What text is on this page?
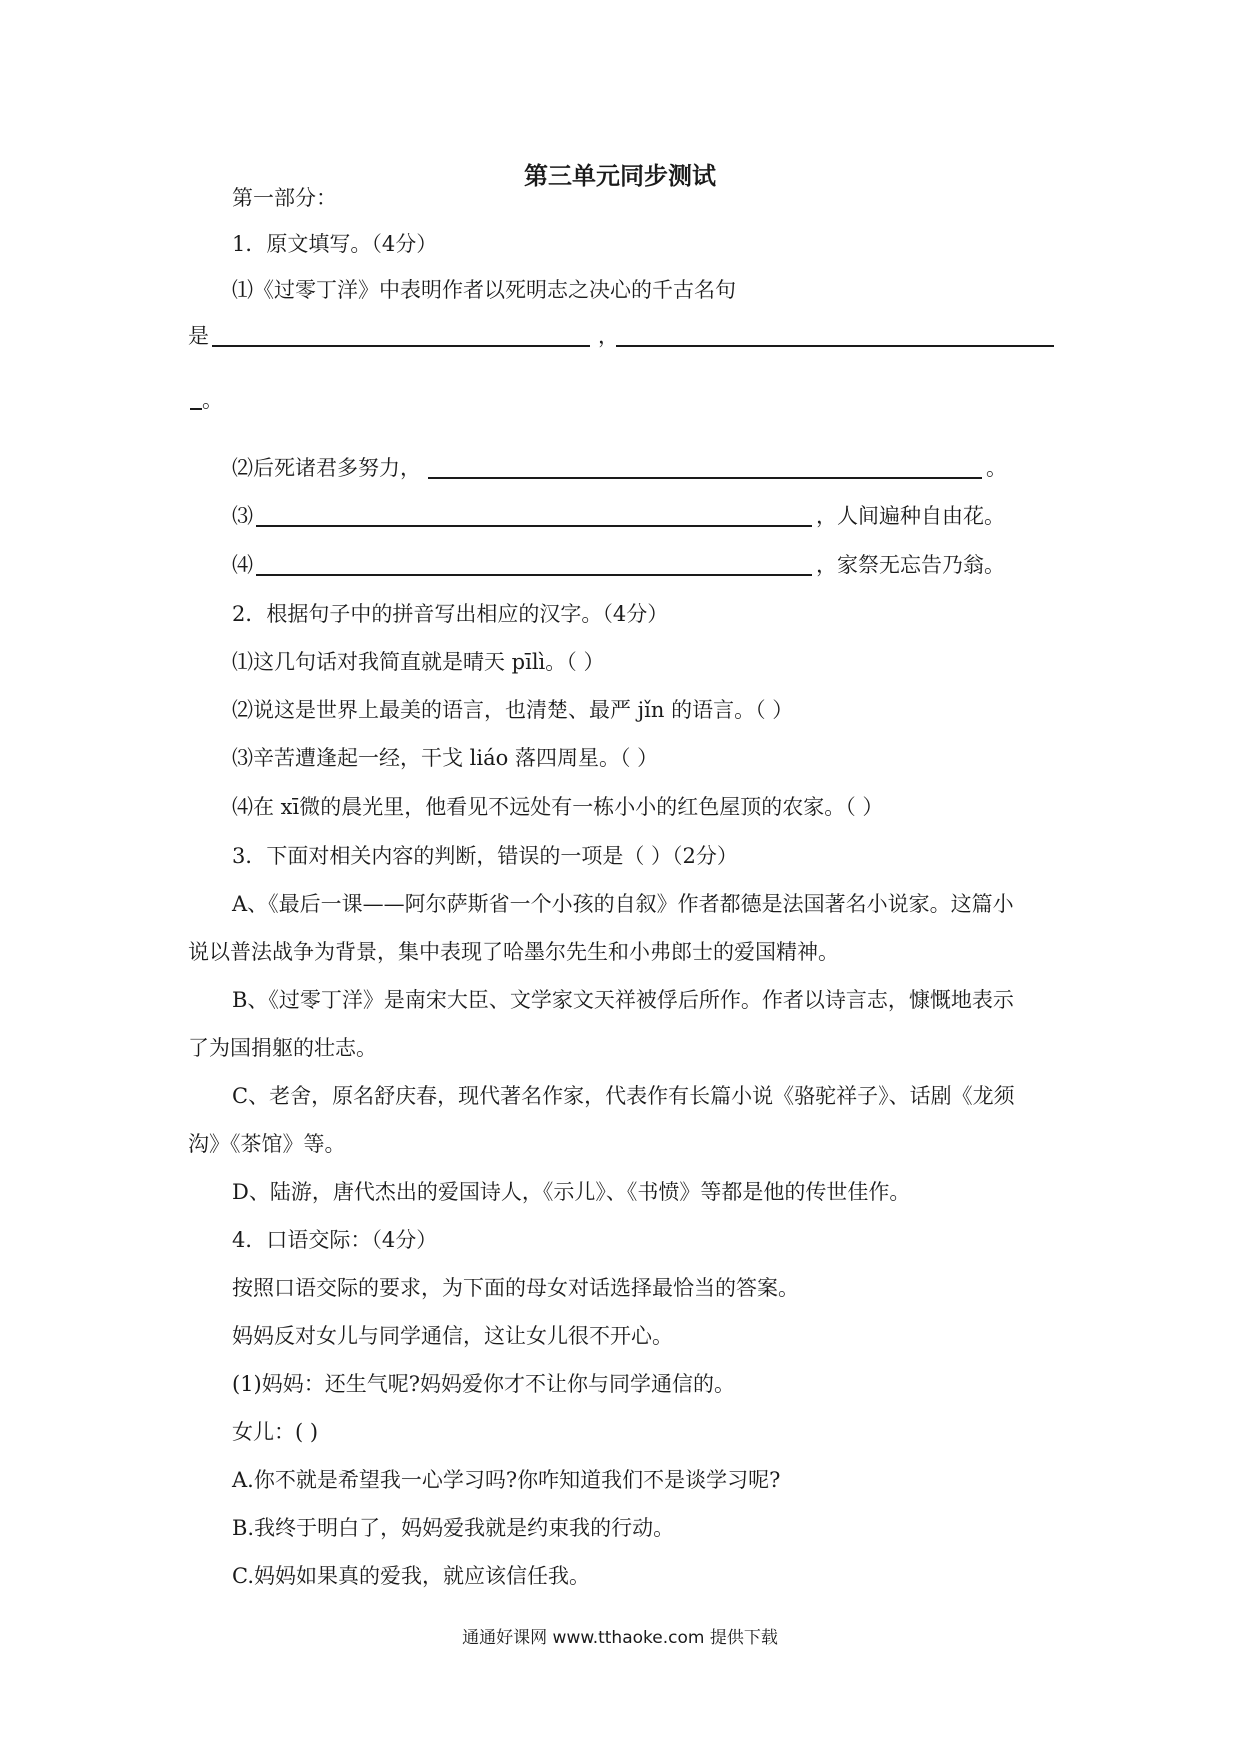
第三单元同步测试
第一部分：
1．原文填写。（4分）
⑴《过零丁洋》中表明作者以死明志之决心的千古名句
是	，
。
⑵后死诸君多努力，	。
⑶	，人间遍种自由花。
⑷	，家祭无忘告乃翁。
2．根据句子中的拼音写出相应的汉字。（4分）
⑴这几句话对我简直就是晴天 pīlì。（ ）
⑵说这是世界上最美的语言，也清楚、最严 jǐn 的语言。（ ）
⑶辛苦遭逢起一经，干戈 liáo 落四周星。（ ）
⑷在 xī微的晨光里，他看见不远处有一栋小小的红色屋顶的农家。（ ）
3．下面对相关内容的判断，错误的一项是（ ）（2分）
A、《最后一课——阿尔萨斯省一个小孩的自叙》作者都德是法国著名小说家。这篇小
说以普法战争为背景，集中表现了哈墨尔先生和小弗郎士的爱国精神。
B、《过零丁洋》是南宋大臣、文学家文天祥被俘后所作。作者以诗言志，慷慨地表示
了为国捐躯的壮志。
C、老舍，原名舒庆春，现代著名作家，代表作有长篇小说《骆驼祥子》、话剧《龙须
沟》《茶馆》等。
D、陆游，唐代杰出的爱国诗人，《示儿》、《书愤》等都是他的传世佳作。
4．口语交际：（4分）
按照口语交际的要求，为下面的母女对话选择最恰当的答案。
妈妈反对女儿与同学通信，这让女儿很不开心。
(1)妈妈：还生气呢?妈妈爱你才不让你与同学通信的。
女儿：( )
A.你不就是希望我一心学习吗?你咋知道我们不是谈学习呢?
B.我终于明白了，妈妈爱我就是约束我的行动。
C.妈妈如果真的爱我，就应该信任我。
通通好课网 www.tthaoke.com 提供下载
